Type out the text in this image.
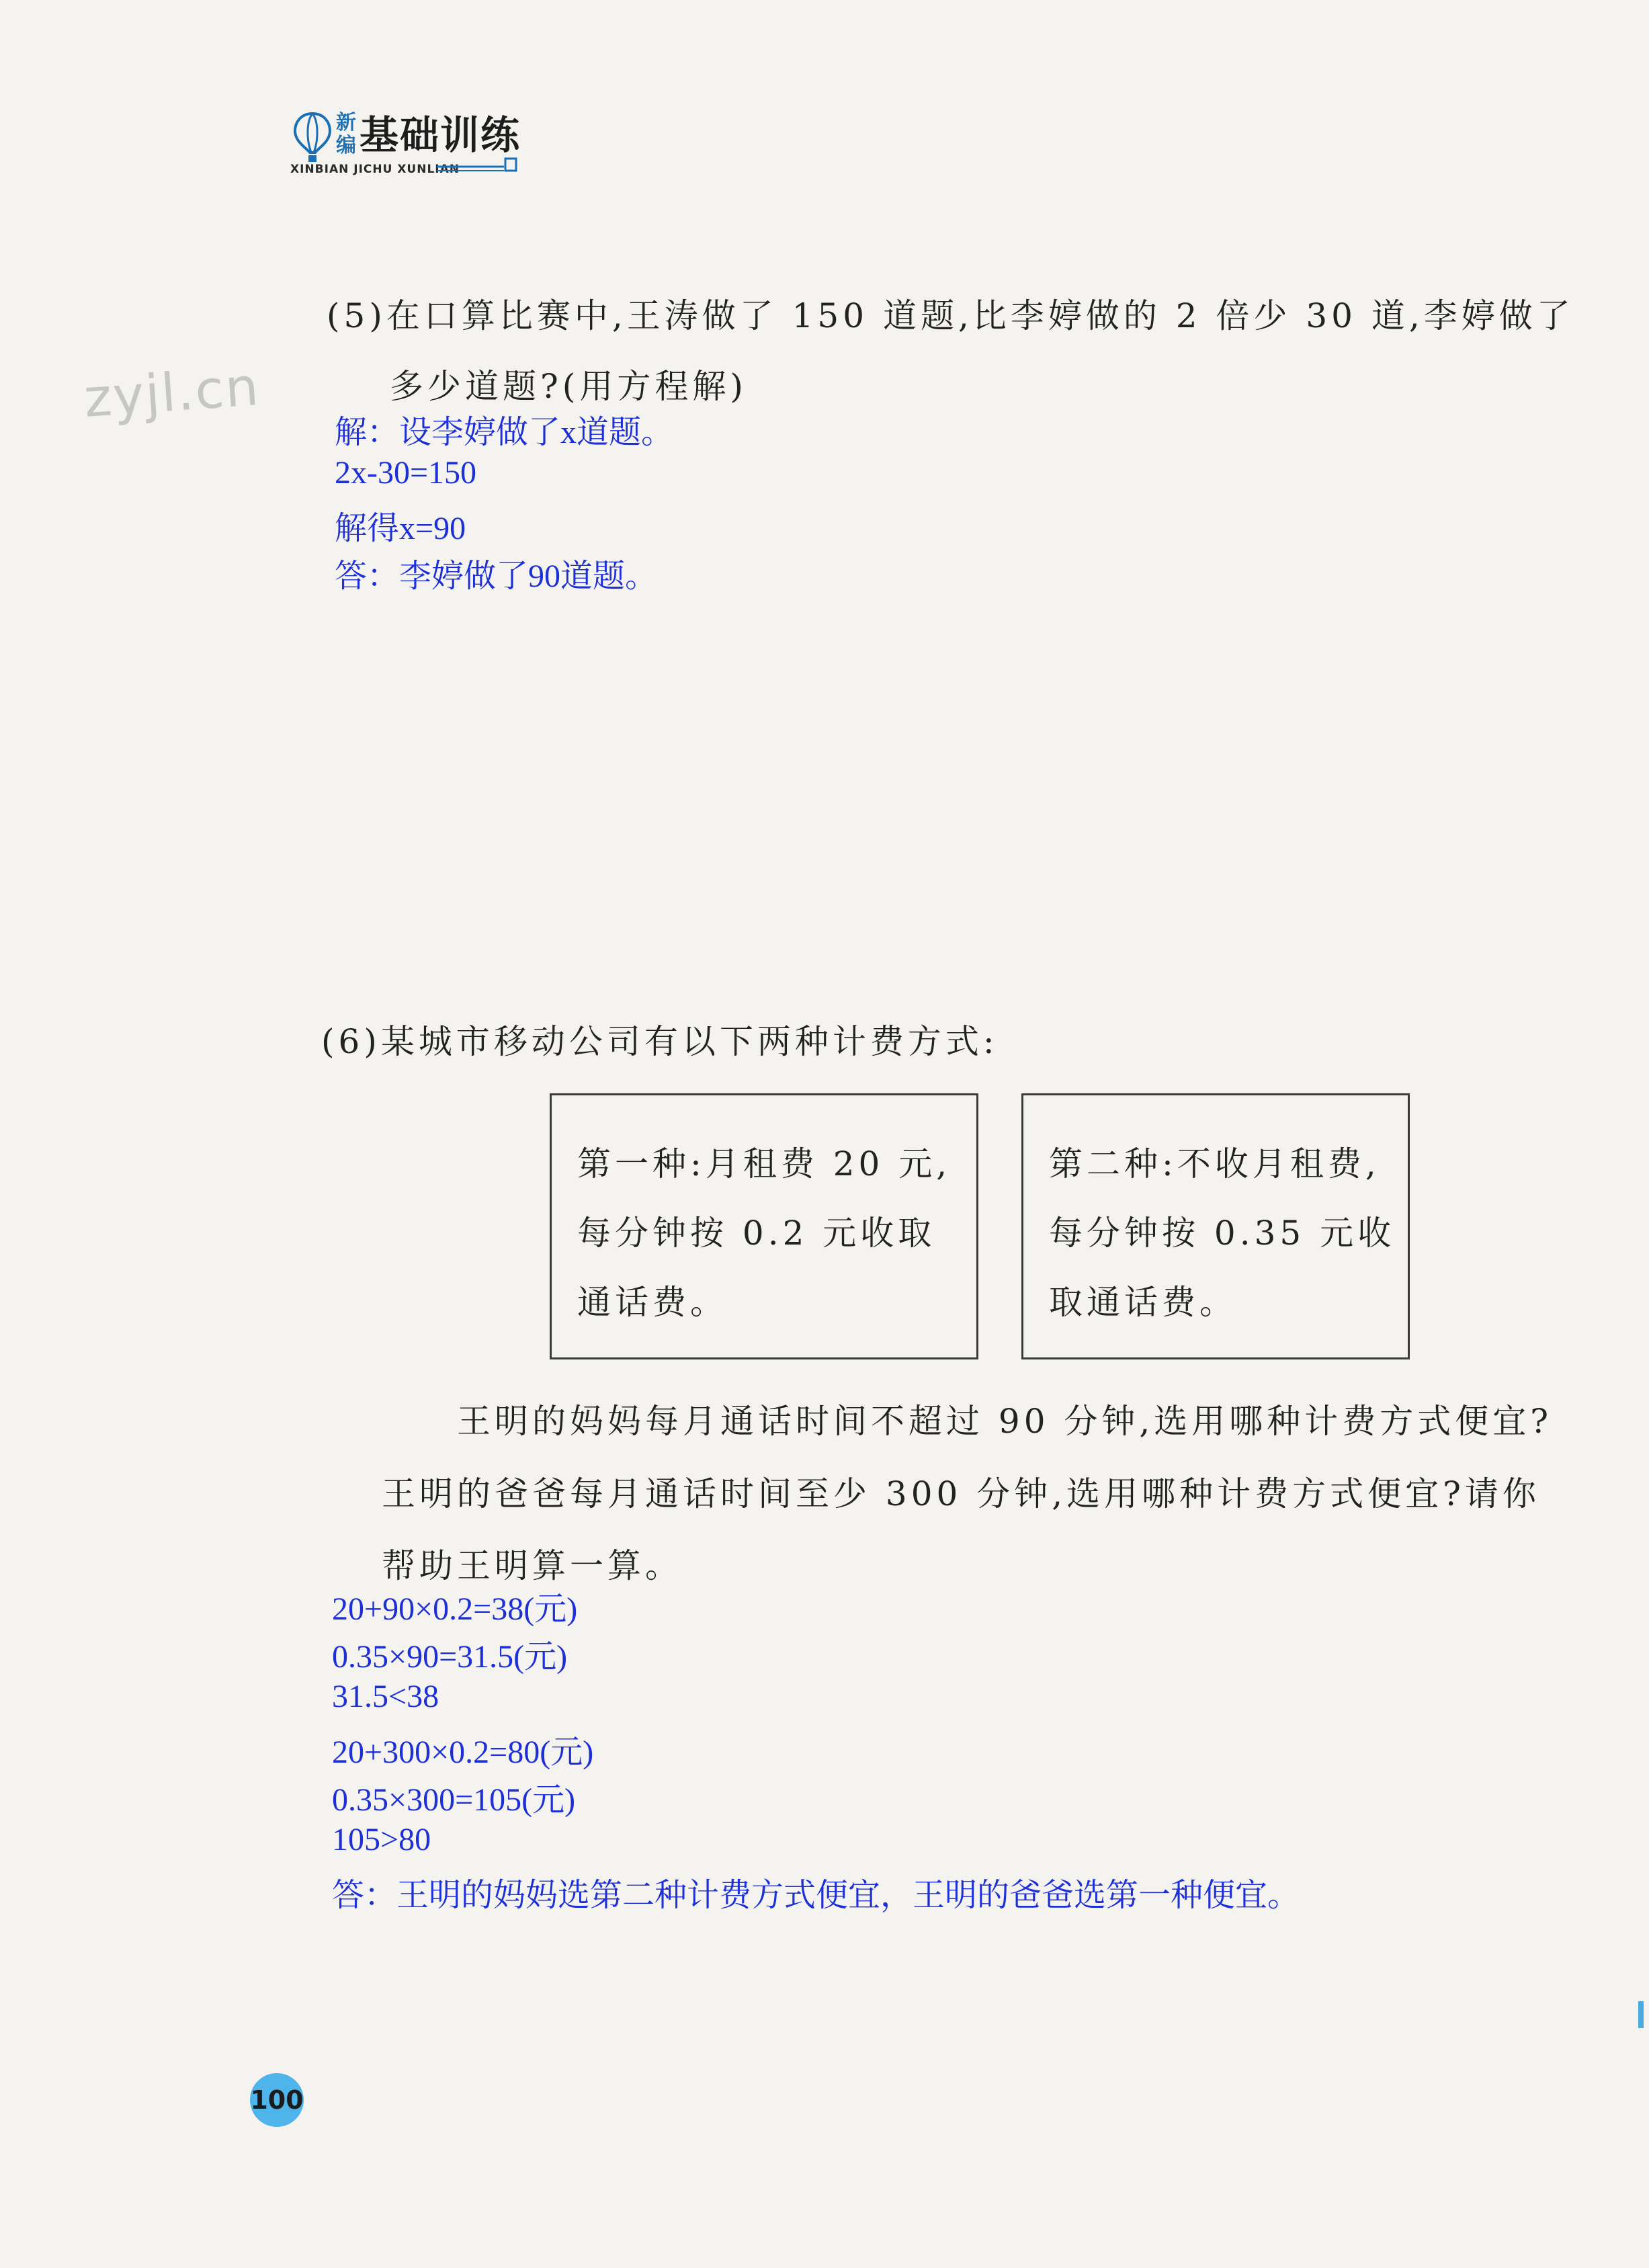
新
编 基础训练
XINBIAN JICHU XUNLIAN
zyjl.cn
(5)在口算比赛中,王涛做了 150 道题,比李婷做的 2 倍少 30 道,李婷做了
多少道题?(用方程解)
解：设李婷做了x道题。
2x-30=150
解得x=90
答：李婷做了90道题。
(6)某城市移动公司有以下两种计费方式:
第一种:月租费 20 元,
每分钟按 0.2 元收取
通话费。
第二种:不收月租费,
每分钟按 0.35 元收
取通话费。
王明的妈妈每月通话时间不超过 90 分钟,选用哪种计费方式便宜?
王明的爸爸每月通话时间至少 300 分钟,选用哪种计费方式便宜?请你
帮助王明算一算。
20+90×0.2=38(元)
0.35×90=31.5(元)
31.5<38
20+300×0.2=80(元)
0.35×300=105(元)
105>80
答：王明的妈妈选第二种计费方式便宜，王明的爸爸选第一种便宜。
100
